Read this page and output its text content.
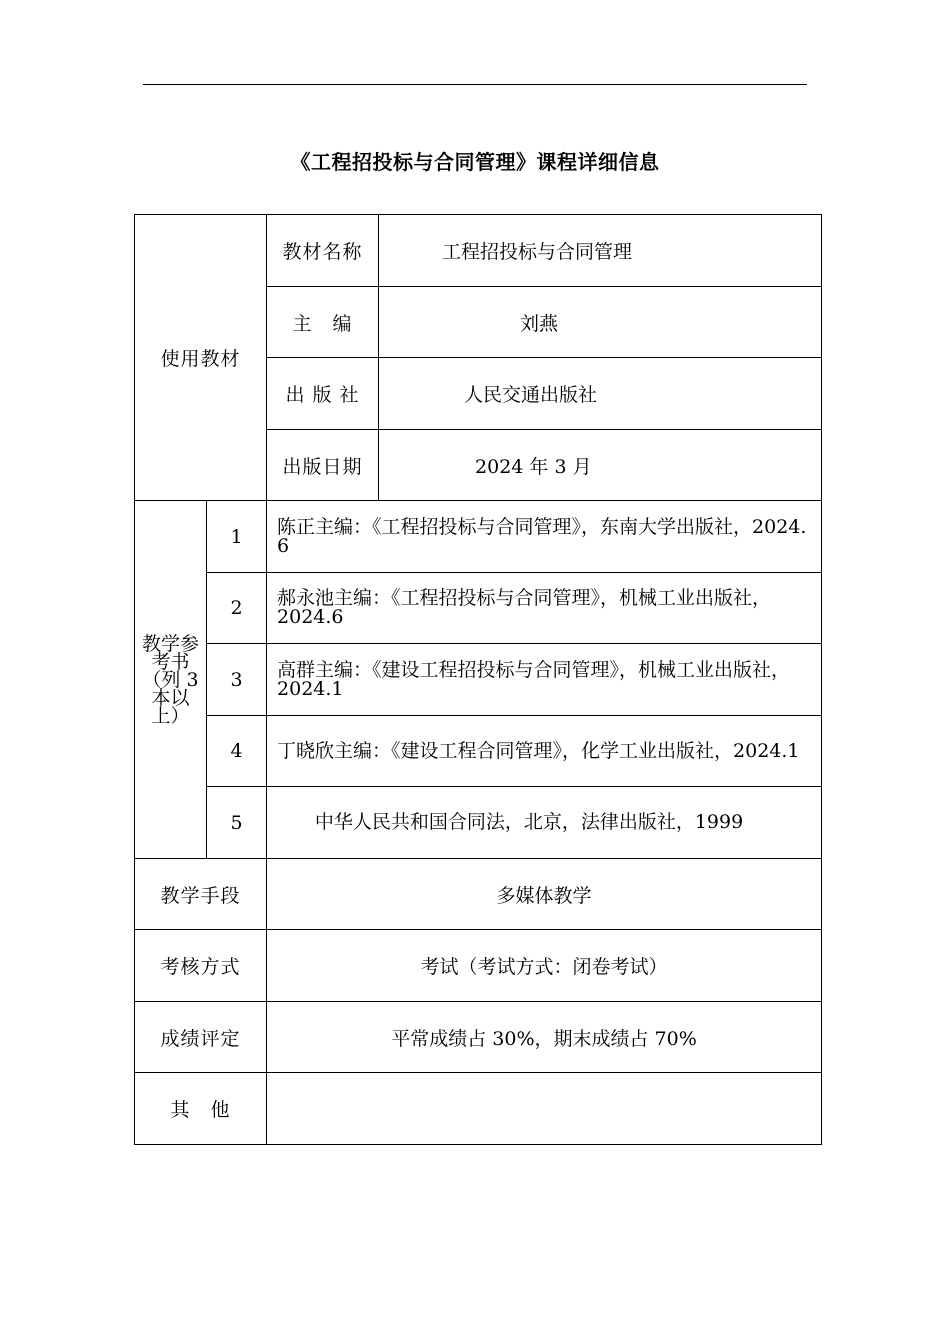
《工程招投标与合同管理》课程详细信息
使用教材		教材名称	工程招投标与合同管理
		主　编	刘燕
		出 版 社	人民交通出版社
		出版日期	2024 年 3 月
教学参考书（列 3 本以上）	1	陈正主编：《工程招投标与合同管理》，东南大学出版社，2024. 6	
	2	郝永池主编：《工程招投标与合同管理》，机械工业出版社，2024.6	
	3	高群主编：《建设工程招投标与合同管理》，机械工业出版社，2024.1	
	4	丁晓欣主编：《建设工程合同管理》，化学工业出版社，2024.1	
	5	中华人民共和国合同法，北京，法律出版社，1999	
教学手段		多媒体教学	
考核方式		考试（考试方式：闭卷考试）	
成绩评定		平常成绩占 30%，期末成绩占 70%	
其　他			
